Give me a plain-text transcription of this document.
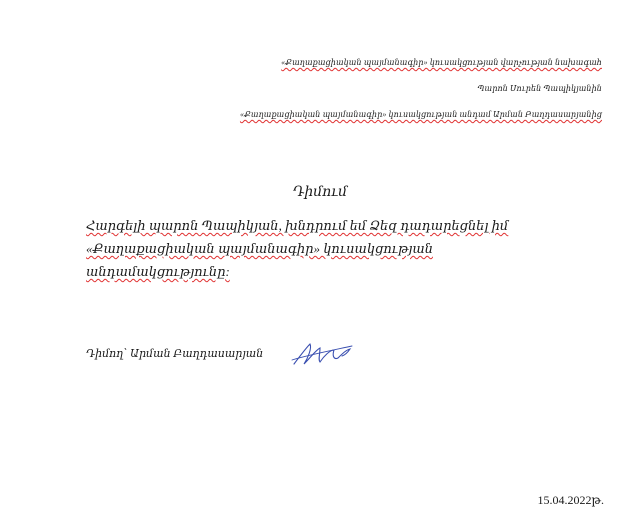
«Քաղաքացիական պայմանագիր» կուսակցության վարչության նախագահ
Պարոն Սուրեն Պապիկյանին
«Քաղաքացիական պայմանագիր» կուսակցության անդամ Արման Բաղդասարյանից
Դիմում
Հարգելի պարոն Պապիկյան, խնդրում եմ Ձեզ դադարեցնել իմ «Քաղաքացիական պայմանագիր» կուսակցության անդամակցությունը:
Դիմող՝ Արման Բաղդասարյան
15.04.2022թ.
